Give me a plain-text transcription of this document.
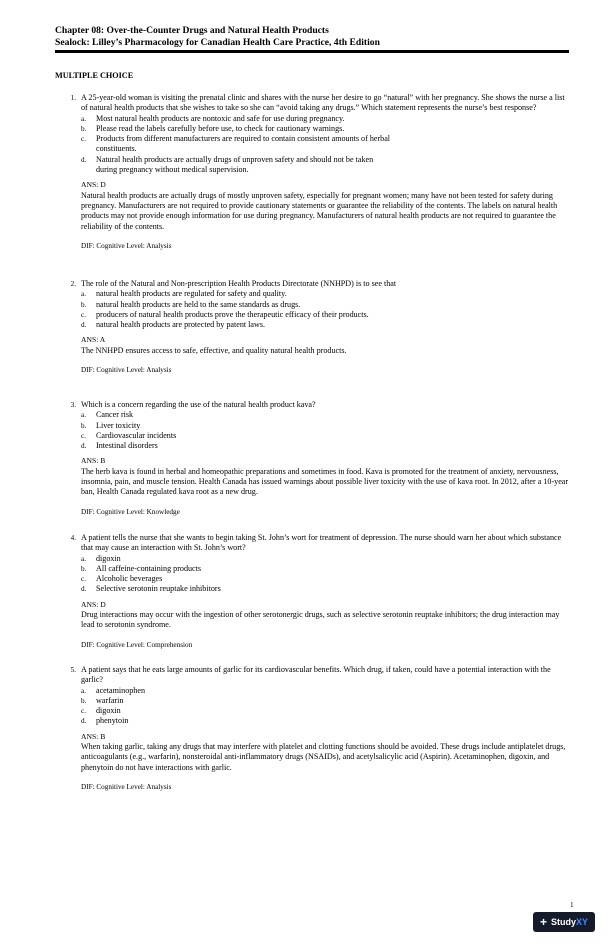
Chapter 08: Over-the-Counter Drugs and Natural Health Products
Sealock: Lilley’s Pharmacology for Canadian Health Care Practice, 4th Edition
MULTIPLE CHOICE
1. A 25-year-old woman is visiting the prenatal clinic and shares with the nurse her desire to go “natural” with her pregnancy. She shows the nurse a list of natural health products that she wishes to take so she can “avoid taking any drugs.” Which statement represents the nurse’s best response?
a.	Most natural health products are nontoxic and safe for use during pregnancy.
b.	Please read the labels carefully before use, to check for cautionary warnings.
c.	Products from different manufacturers are required to contain consistent amounts of herbal constituents.
d.	Natural health products are actually drugs of unproven safety and should not be taken during pregnancy without medical supervision.
ANS: D
Natural health products are actually drugs of mostly unproven safety, especially for pregnant women; many have not been tested for safety during pregnancy. Manufacturers are not required to provide cautionary statements or guarantee the reliability of the contents. The labels on natural health products may not provide enough information for use during pregnancy. Manufacturers of natural health products are not required to guarantee the reliability of the contents.
DIF: Cognitive Level: Analysis
2. The role of the Natural and Non-prescription Health Products Directorate (NNHPD) is to see that
a.	natural health products are regulated for safety and quality.
b.	natural health products are held to the same standards as drugs.
c.	producers of natural health products prove the therapeutic efficacy of their products.
d.	natural health products are protected by patent laws.
ANS: A
The NNHPD ensures access to safe, effective, and quality natural health products.
DIF: Cognitive Level: Analysis
3. Which is a concern regarding the use of the natural health product kava?
a.	Cancer risk
b.	Liver toxicity
c.	Cardiovascular incidents
d.	Intestinal disorders
ANS: B
The herb kava is found in herbal and homeopathic preparations and sometimes in food. Kava is promoted for the treatment of anxiety, nervousness, insomnia, pain, and muscle tension. Health Canada has issued warnings about possible liver toxicity with the use of kava root. In 2012, after a 10-year ban, Health Canada regulated kava root as a new drug.
DIF: Cognitive Level: Knowledge
4. A patient tells the nurse that she wants to begin taking St. John’s wort for treatment of depression. The nurse should warn her about which substance that may cause an interaction with St. John’s wort?
a.	digoxin
b.	All caffeine-containing products
c.	Alcoholic beverages
d.	Selective serotonin reuptake inhibitors
ANS: D
Drug interactions may occur with the ingestion of other serotonergic drugs, such as selective serotonin reuptake inhibitors; the drug interaction may lead to serotonin syndrome.
DIF: Cognitive Level: Comprehension
5. A patient says that he eats large amounts of garlic for its cardiovascular benefits. Which drug, if taken, could have a potential interaction with the garlic?
a.	acetaminophen
b.	warfarin
c.	digoxin
d.	phenytoin
ANS: B
When taking garlic, taking any drugs that may interfere with platelet and clotting functions should be avoided. These drugs include antiplatelet drugs, anticoagulants (e.g., warfarin), nonsteroidal anti-inflammatory drugs (NSAIDs), and acetylsalicylic acid (Aspirin). Acetaminophen, digoxin, and phenytoin do not have interactions with garlic.
DIF: Cognitive Level: Analysis
1
+ Study XY
